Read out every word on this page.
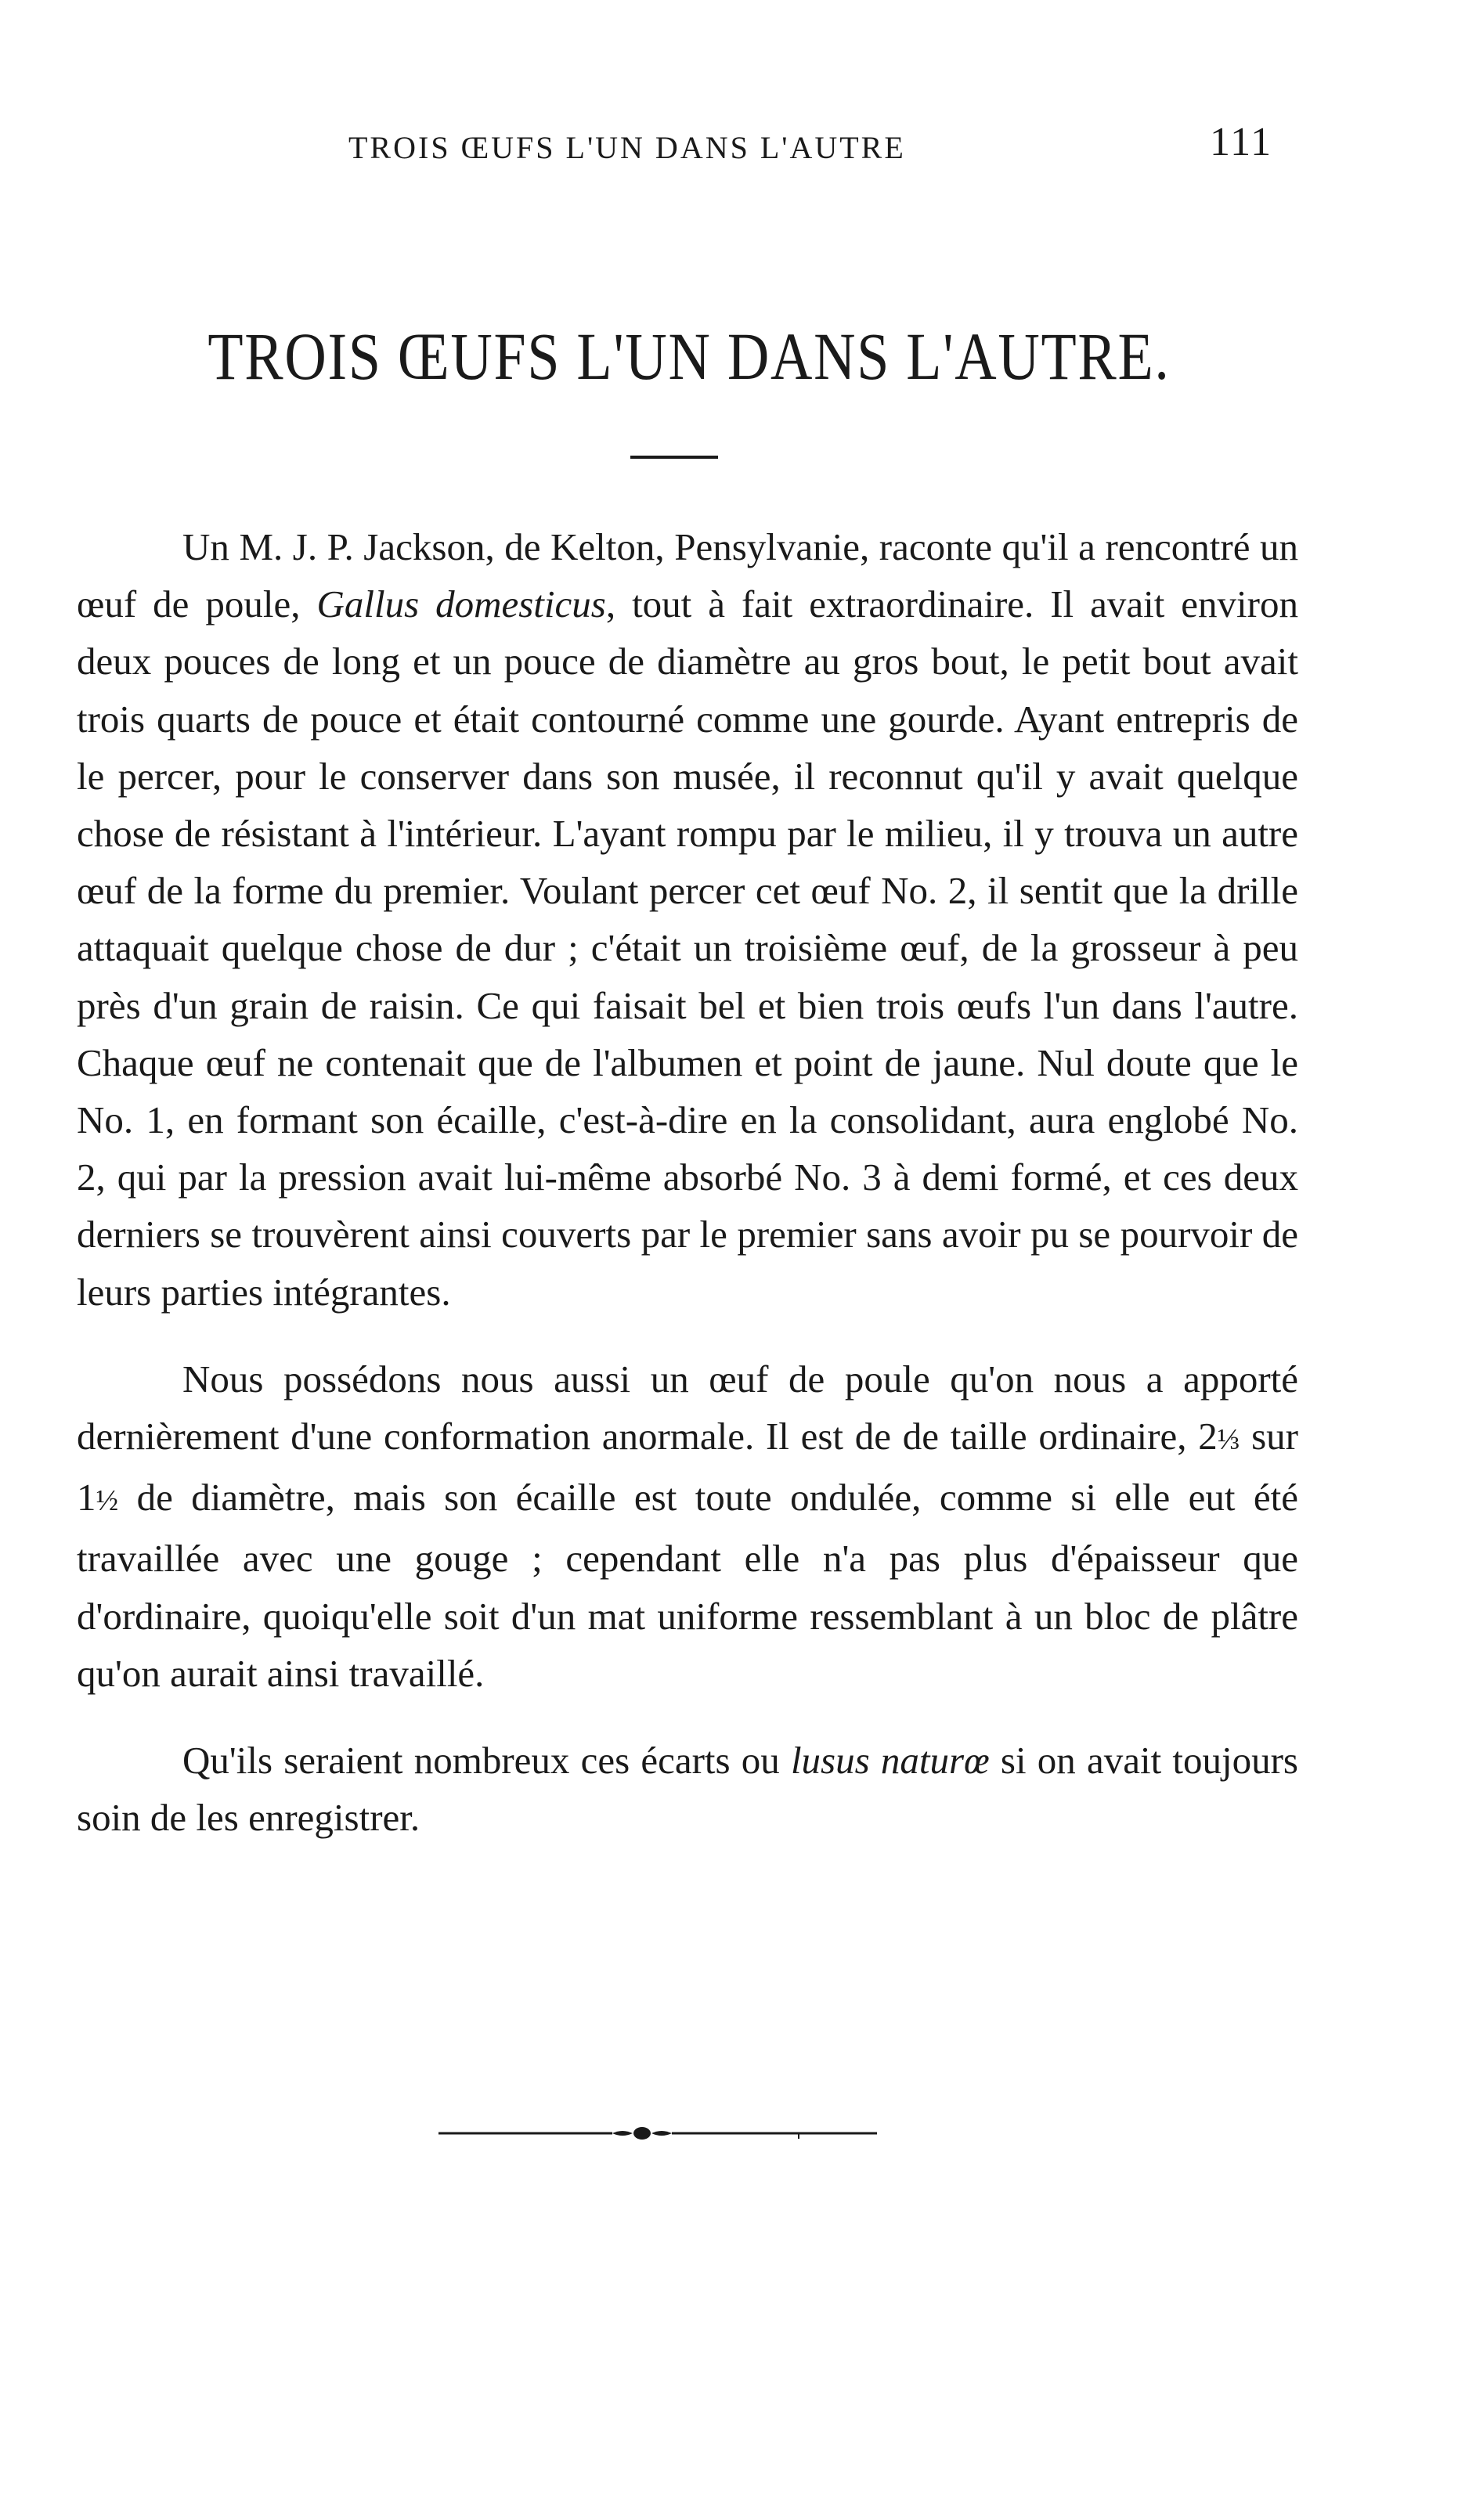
TROIS ŒUFS L'UN DANS L'AUTRE	111
TROIS ŒUFS L'UN DANS L'AUTRE.

Un M. J. P. Jackson, de Kelton, Pensylvanie, raconte qu'il a rencontré un œuf de poule, Gallus domesticus, tout à fait extraordinaire. Il avait environ deux pouces de long et un pouce de diamètre au gros bout, le petit bout avait trois quarts de pouce et était contourné comme une gourde. Ayant entrepris de le percer, pour le conserver dans son musée, il reconnut qu'il y avait quelque chose de résistant à l'intérieur. L'ayant rompu par le milieu, il y trouva un autre œuf de la forme du premier. Voulant percer cet œuf No. 2, il sentit que la drille attaquait quelque chose de dur ; c'était un troisième œuf, de la grosseur à peu près d'un grain de raisin. Ce qui faisait bel et bien trois œufs l'un dans l'autre. Chaque œuf ne contenait que de l'albumen et point de jaune. Nul doute que le No. 1, en formant son écaille, c'est-à-dire en la consolidant, aura englobé No. 2, qui par la pression avait lui-même absorbé No. 3 à demi formé, et ces deux derniers se trouvèrent ainsi couverts par le premier sans avoir pu se pourvoir de leurs parties intégrantes.

Nous possédons nous aussi un œuf de poule qu'on nous a apporté dernièrement d'une conformation anormale. Il est de de taille ordinaire, 2⅓ sur 1½ de diamètre, mais son écaille est toute ondulée, comme si elle eut été travaillée avec une gouge ; cependant elle n'a pas plus d'épaisseur que d'ordinaire, quoiqu'elle soit d'un mat uniforme ressemblant à un bloc de plâtre qu'on aurait ainsi travaillé.

Qu'ils seraient nombreux ces écarts ou lusus naturœ si on avait toujours soin de les enregistrer.
